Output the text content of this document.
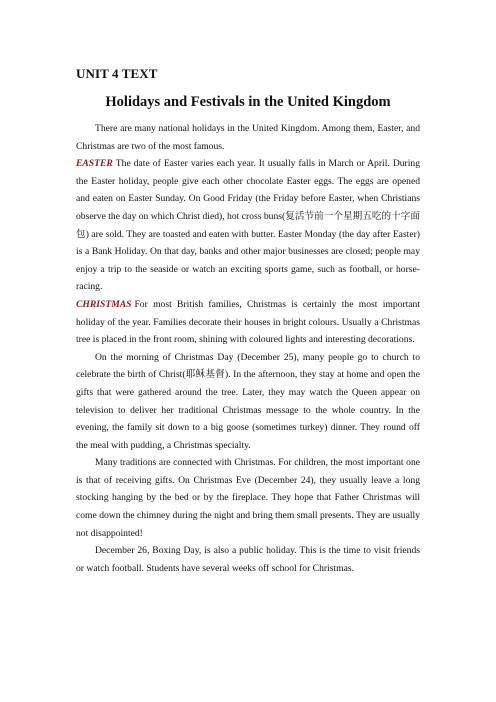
UNIT 4 TEXT
Holidays and Festivals in the United Kingdom

There are many national holidays in the United Kingdom. Among them, Easter, and Christmas are two of the most famous.

EASTER The date of Easter varies each year. It usually falls in March or April. During the Easter holiday, people give each other chocolate Easter eggs. The eggs are opened and eaten on Easter Sunday. On Good Friday (the Friday before Easter, when Christians observe the day on which Christ died), hot cross buns(复活节前一个星期五吃的十字面包) are sold. They are toasted and eaten with butter. Easter Monday (the day after Easter) is a Bank Holiday. On that day, banks and other major businesses are closed; people may enjoy a trip to the seaside or watch an exciting sports game, such as football, or horse-racing.

CHRISTMAS For most British families, Christmas is certainly the most important holiday of the year. Families decorate their houses in bright colours. Usually a Christmas tree is placed in the front room, shining with coloured lights and interesting decorations.

On the morning of Christmas Day (December 25), many people go to church to celebrate the birth of Christ(耶稣基督). In the afternoon, they stay at home and open the gifts that were gathered around the tree. Later, they may watch the Queen appear on television to deliver her traditional Christmas message to the whole country. In the evening, the family sit down to a big goose (sometimes turkey) dinner. They round off the meal with pudding, a Christmas specialty.

Many traditions are connected with Christmas. For children, the most important one is that of receiving gifts. On Christmas Eve (December 24), they usually leave a long stocking hanging by the bed or by the fireplace. They hope that Father Christmas will come down the chimney during the night and bring them small presents. They are usually not disappointed!

December 26, Boxing Day, is also a public holiday. This is the time to visit friends or watch football. Students have several weeks off school for Christmas.
